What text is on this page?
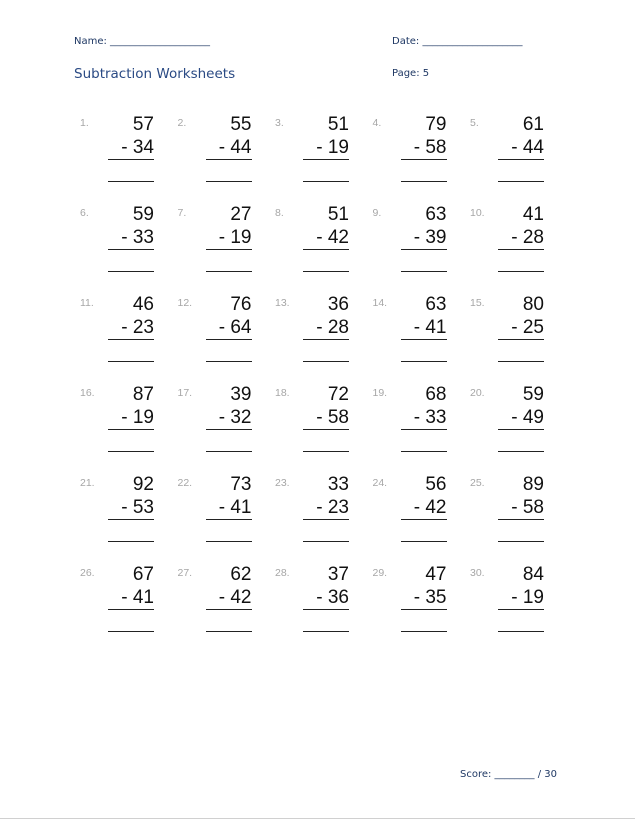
Name: ____________________	Date: ____________________
Subtraction Worksheets	Page: 5
1.	57
- 34
2.	55
- 44
3.	51
- 19
4.	79
- 58
5.	61
- 44
6.	59
- 33
7.	27
- 19
8.	51
- 42
9.	63
- 39
10.	41
- 28
11.	46
- 23
12.	76
- 64
13.	36
- 28
14.	63
- 41
15.	80
- 25
16.	87
- 19
17.	39
- 32
18.	72
- 58
19.	68
- 33
20.	59
- 49
21.	92
- 53
22.	73
- 41
23.	33
- 23
24.	56
- 42
25.	89
- 58
26.	67
- 41
27.	62
- 42
28.	37
- 36
29.	47
- 35
30.	84
- 19
Score: ________ / 30
